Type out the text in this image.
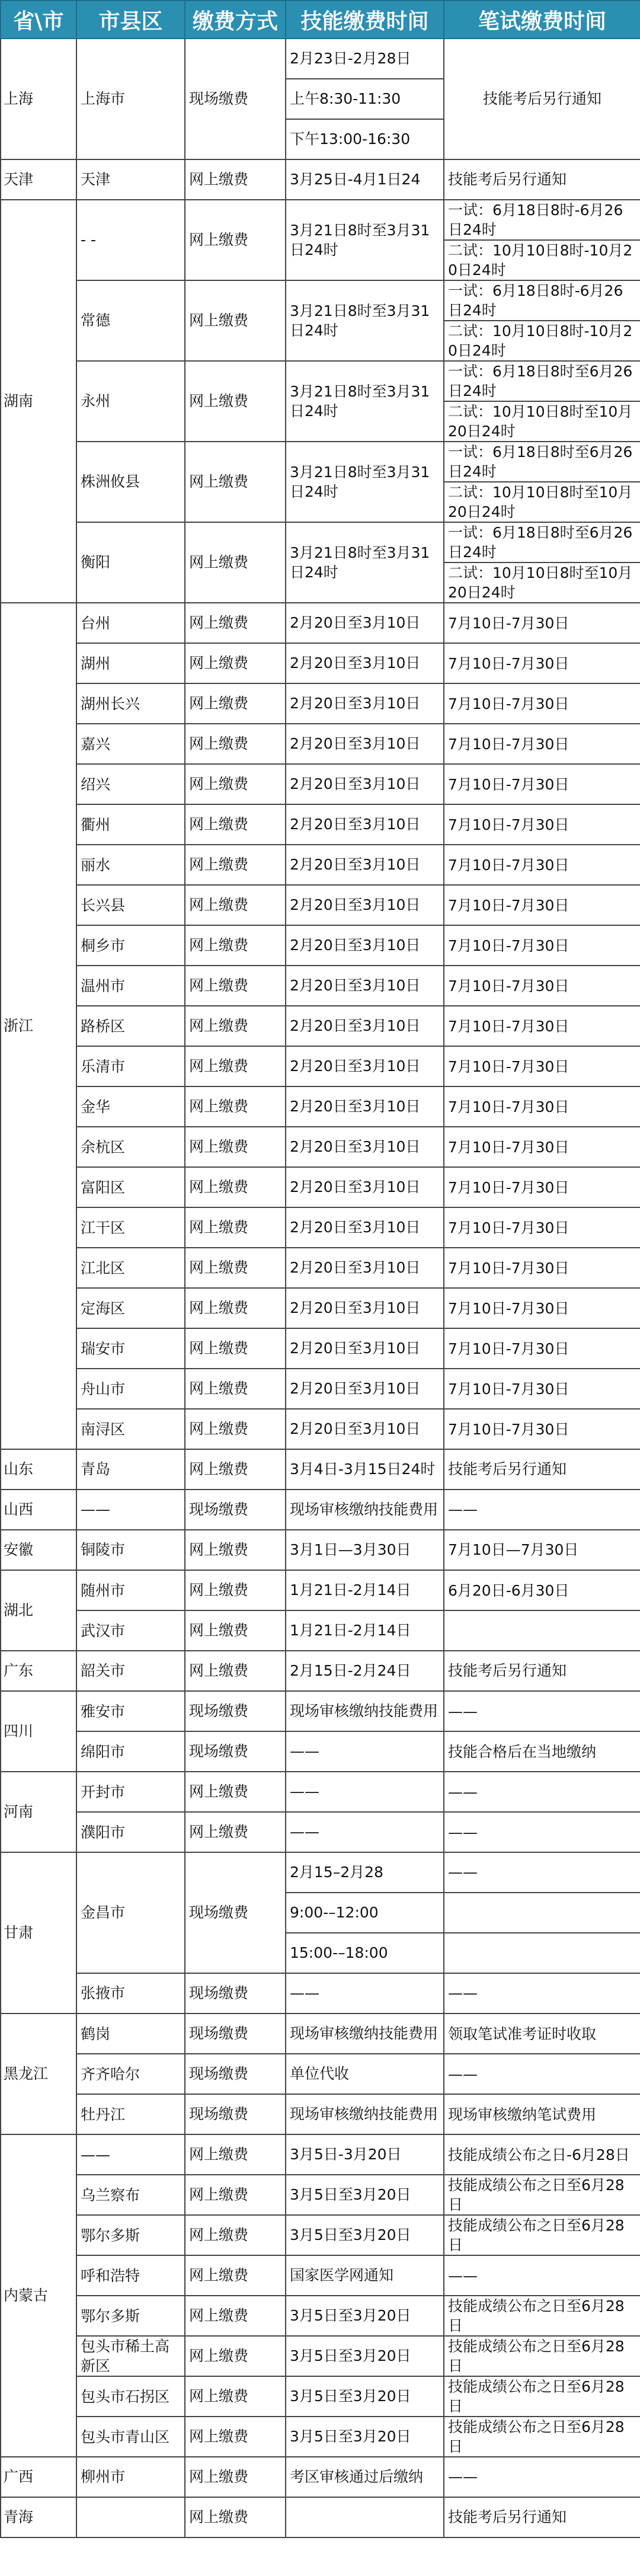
省\市	市县区	缴费方式	技能缴费时间	笔试缴费时间
上海	上海市	现场缴费	2月23日-2月28日	技能考后另行通知
			上午8:30-11:30	
			下午13:00-16:30	
天津	天津	网上缴费	3月25日-4月1日24	技能考后另行通知
湖南	- -	网上缴费	3月21日8时至3月31日24时	一试：6月18日8时-6月26日24时
				二试：10月10日8时-10月20日24时
	常德	网上缴费	3月21日8时至3月31日24时	一试：6月18日8时-6月26日24时
				二试：10月10日8时-10月20日24时
	永州	网上缴费	3月21日8时至3月31日24时	一试：6月18日8时至6月26日24时
				二试：10月10日8时至10月20日24时
	株洲攸县	网上缴费	3月21日8时至3月31日24时	一试：6月18日8时至6月26日24时
				二试：10月10日8时至10月20日24时
	衡阳	网上缴费	3月21日8时至3月31日24时	一试：6月18日8时至6月26日24时
				二试：10月10日8时至10月20日24时
浙江	台州	网上缴费	2月20日至3月10日	7月10日-7月30日
	湖州	网上缴费	2月20日至3月10日	7月10日-7月30日
	湖州长兴	网上缴费	2月20日至3月10日	7月10日-7月30日
	嘉兴	网上缴费	2月20日至3月10日	7月10日-7月30日
	绍兴	网上缴费	2月20日至3月10日	7月10日-7月30日
	衢州	网上缴费	2月20日至3月10日	7月10日-7月30日
	丽水	网上缴费	2月20日至3月10日	7月10日-7月30日
	长兴县	网上缴费	2月20日至3月10日	7月10日-7月30日
	桐乡市	网上缴费	2月20日至3月10日	7月10日-7月30日
	温州市	网上缴费	2月20日至3月10日	7月10日-7月30日
	路桥区	网上缴费	2月20日至3月10日	7月10日-7月30日
	乐清市	网上缴费	2月20日至3月10日	7月10日-7月30日
	金华	网上缴费	2月20日至3月10日	7月10日-7月30日
	余杭区	网上缴费	2月20日至3月10日	7月10日-7月30日
	富阳区	网上缴费	2月20日至3月10日	7月10日-7月30日
	江干区	网上缴费	2月20日至3月10日	7月10日-7月30日
	江北区	网上缴费	2月20日至3月10日	7月10日-7月30日
	定海区	网上缴费	2月20日至3月10日	7月10日-7月30日
	瑞安市	网上缴费	2月20日至3月10日	7月10日-7月30日
	舟山市	网上缴费	2月20日至3月10日	7月10日-7月30日
	南浔区	网上缴费	2月20日至3月10日	7月10日-7月30日
山东	青岛	网上缴费	3月4日-3月15日24时	技能考后另行通知
山西	——	现场缴费	现场审核缴纳技能费用	——
安徽	铜陵市	网上缴费	3月1日—3月30日	7月10日—7月30日
湖北	随州市	网上缴费	1月21日-2月14日	6月20日-6月30日
	武汉市	网上缴费	1月21日-2月14日	
广东	韶关市	网上缴费	2月15日-2月24日	技能考后另行通知
四川	雅安市	现场缴费	现场审核缴纳技能费用	——
	绵阳市	现场缴费	——	技能合格后在当地缴纳
河南	开封市	网上缴费	——	——
	濮阳市	网上缴费	——	——
甘肃	金昌市	现场缴费	2月15–2月28	——
			9:00-–12:00	
			15:00-–18:00	
	张掖市	现场缴费	——	——
黑龙江	鹤岗	现场缴费	现场审核缴纳技能费用	领取笔试准考证时收取
	齐齐哈尔	现场缴费	单位代收	——
	牡丹江	现场缴费	现场审核缴纳技能费用	现场审核缴纳笔试费用
内蒙古	——	网上缴费	3月5日-3月20日	技能成绩公布之日-6月28日
	乌兰察布	网上缴费	3月5日至3月20日	技能成绩公布之日至6月28日
	鄂尔多斯	网上缴费	3月5日至3月20日	技能成绩公布之日至6月28日
	呼和浩特	网上缴费	国家医学网通知	——
	鄂尔多斯	网上缴费	3月5日至3月20日	技能成绩公布之日至6月28日
	包头市稀土高新区	网上缴费	3月5日至3月20日	技能成绩公布之日至6月28日
	包头市石拐区	网上缴费	3月5日至3月20日	技能成绩公布之日至6月28日
	包头市青山区	网上缴费	3月5日至3月20日	技能成绩公布之日至6月28日
广西	柳州市	网上缴费	考区审核通过后缴纳	——
青海		网上缴费		技能考后另行通知
